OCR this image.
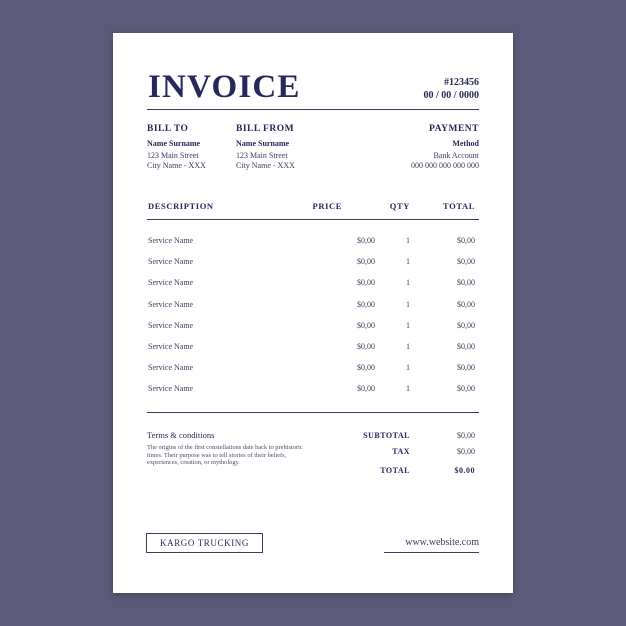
INVOICE	#123456
00 / 00 / 0000
BILL TO
Name Surname
123 Main Street
City Name - XXX
BILL FROM
Name Surname
123 Main Street
City Name - XXX
PAYMENT
Method
Bank Account
000 000 000 000 000
DESCRIPTION	PRICE	QTY	TOTAL
Service Name	$0,00	1	$0,00
Service Name	$0,00	1	$0,00
Service Name	$0,00	1	$0,00
Service Name	$0,00	1	$0,00
Service Name	$0,00	1	$0,00
Service Name	$0,00	1	$0,00
Service Name	$0,00	1	$0,00
Service Name	$0,00	1	$0,00
Terms & conditions
The origins of the first constellations date back to prehistoric times. Their purpose was to tell stories of their beliefs, experiences, creation, or mythology.
SUBTOTAL	$0,00
TAX	$0,00
TOTAL	$0.00
KARGO TRUCKING	www.website.com
